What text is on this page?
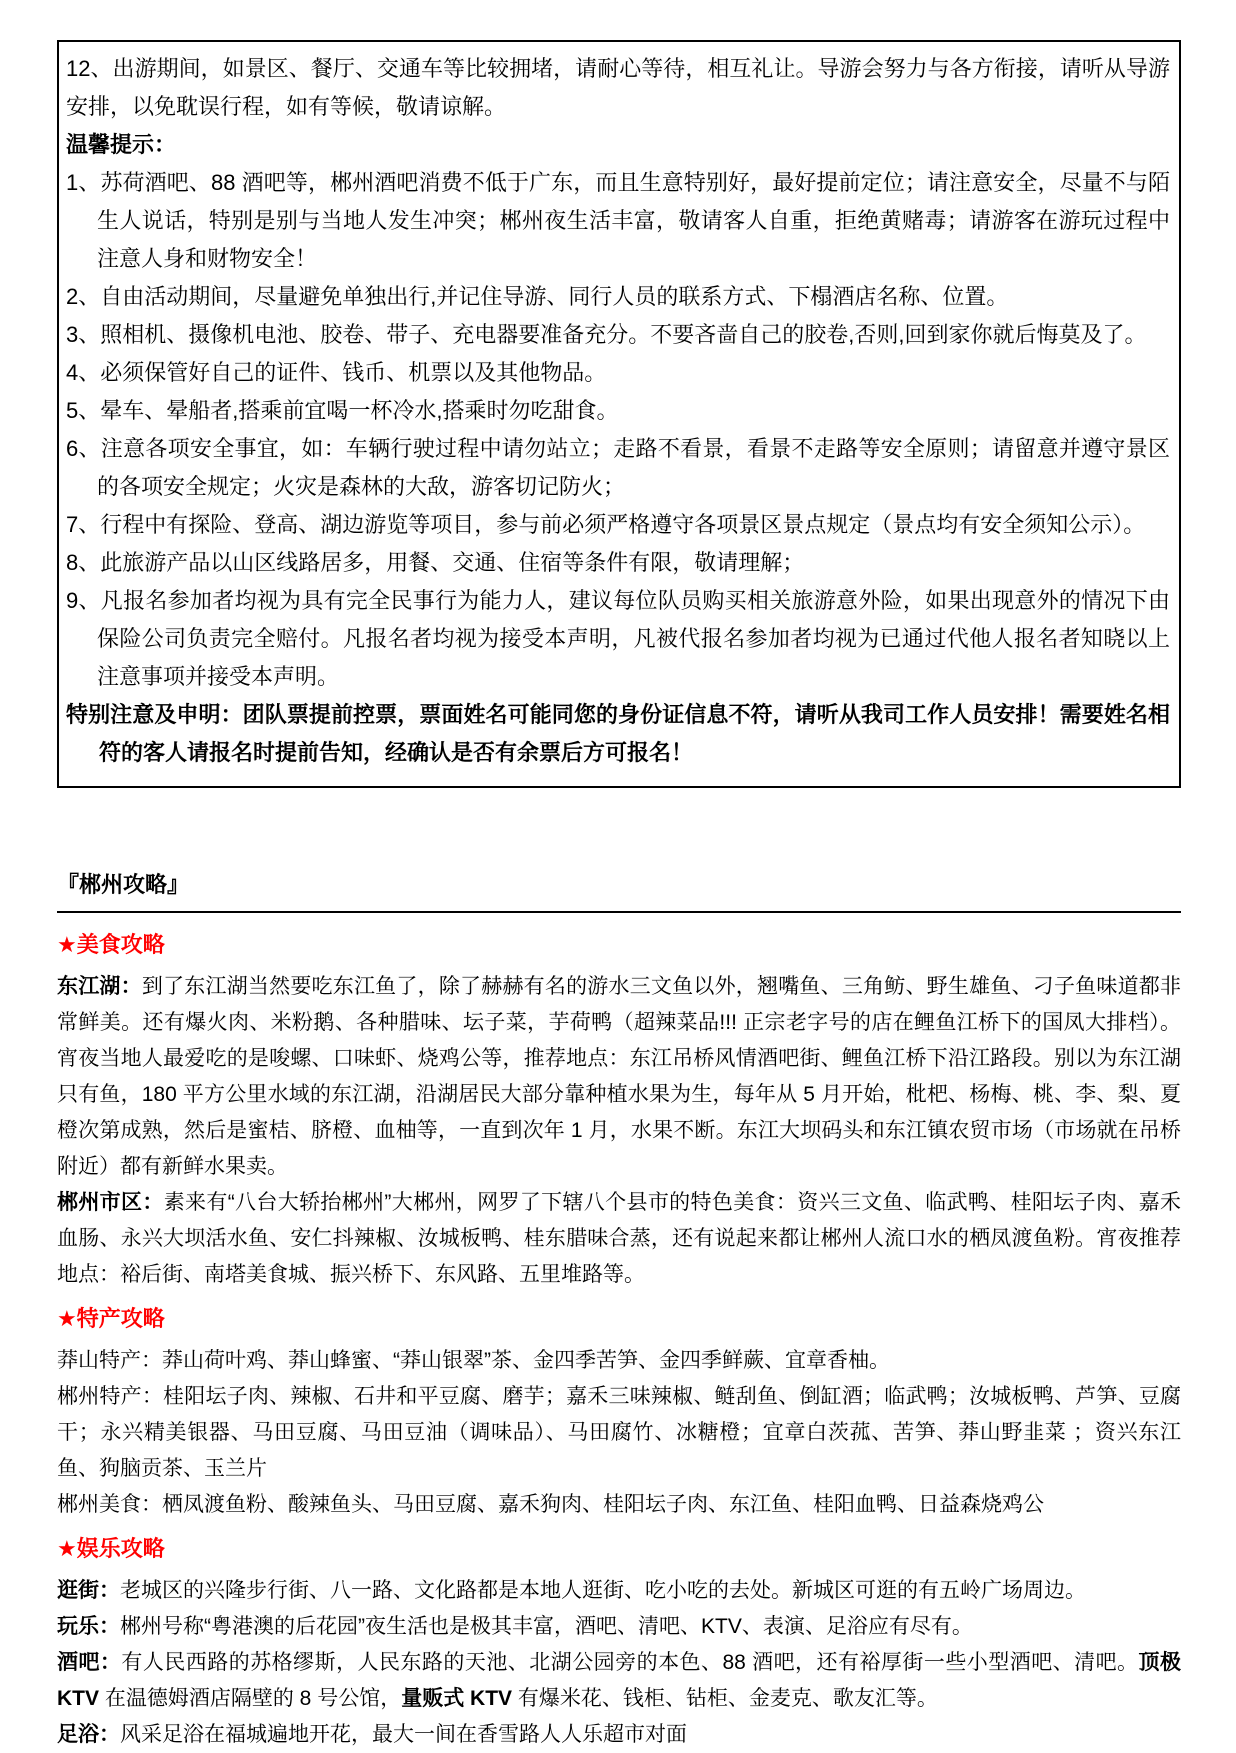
12、出游期间，如景区、餐厅、交通车等比较拥堵，请耐心等待，相互礼让。导游会努力与各方衔接，请听从导游安排，以免耽误行程，如有等候，敬请谅解。

温馨提示：

1、苏荷酒吧、88 酒吧等，郴州酒吧消费不低于广东，而且生意特别好，最好提前定位；请注意安全，尽量不与陌生人说话，特别是别与当地人发生冲突；郴州夜生活丰富，敬请客人自重，拒绝黄赌毒；请游客在游玩过程中注意人身和财物安全！

2、自由活动期间，尽量避免单独出行,并记住导游、同行人员的联系方式、下榻酒店名称、位置。

3、照相机、摄像机电池、胶卷、带子、充电器要准备充分。不要吝啬自己的胶卷,否则,回到家你就后悔莫及了。

4、必须保管好自己的证件、钱币、机票以及其他物品。

5、晕车、晕船者,搭乘前宜喝一杯冷水,搭乘时勿吃甜食。

6、注意各项安全事宜，如：车辆行驶过程中请勿站立；走路不看景，看景不走路等安全原则；请留意并遵守景区的各项安全规定；火灾是森林的大敌，游客切记防火；

7、行程中有探险、登高、湖边游览等项目，参与前必须严格遵守各项景区景点规定（景点均有安全须知公示）。

8、此旅游产品以山区线路居多，用餐、交通、住宿等条件有限，敬请理解；

9、凡报名参加者均视为具有完全民事行为能力人，建议每位队员购买相关旅游意外险，如果出现意外的情况下由保险公司负责完全赔付。凡报名者均视为接受本声明，凡被代报名参加者均视为已通过代他人报名者知晓以上注意事项并接受本声明。

特别注意及申明：团队票提前控票，票面姓名可能同您的身份证信息不符，请听从我司工作人员安排！需要姓名相符的客人请报名时提前告知，经确认是否有余票后方可报名！

『郴州攻略』

★美食攻略

东江湖：到了东江湖当然要吃东江鱼了，除了赫赫有名的游水三文鱼以外，翘嘴鱼、三角鲂、野生雄鱼、刁子鱼味道都非常鲜美。还有爆火肉、米粉鹅、各种腊味、坛子菜，芋荷鸭（超辣菜品!!! 正宗老字号的店在鲤鱼江桥下的国凤大排档）。宵夜当地人最爱吃的是唆螺、口味虾、烧鸡公等，推荐地点：东江吊桥风情酒吧街、鲤鱼江桥下沿江路段。别以为东江湖只有鱼，180 平方公里水域的东江湖，沿湖居民大部分靠种植水果为生，每年从 5 月开始，枇杷、杨梅、桃、李、梨、夏橙次第成熟，然后是蜜桔、脐橙、血柚等，一直到次年 1 月，水果不断。东江大坝码头和东江镇农贸市场（市场就在吊桥附近）都有新鲜水果卖。

郴州市区：素来有“八台大轿抬郴州”大郴州，网罗了下辖八个县市的特色美食：资兴三文鱼、临武鸭、桂阳坛子肉、嘉禾血肠、永兴大坝活水鱼、安仁抖辣椒、汝城板鸭、桂东腊味合蒸，还有说起来都让郴州人流口水的栖凤渡鱼粉。宵夜推荐地点：裕后街、南塔美食城、振兴桥下、东风路、五里堆路等。

★特产攻略

莽山特产：莽山荷叶鸡、莽山蜂蜜、“莽山银翠”茶、金四季苦笋、金四季鲜蕨、宜章香柚。

郴州特产：桂阳坛子肉、辣椒、石井和平豆腐、磨芋；嘉禾三味辣椒、鲢刮鱼、倒缸酒；临武鸭；汝城板鸭、芦笋、豆腐干；永兴精美银器、马田豆腐、马田豆油（调味品）、马田腐竹、冰糖橙；宜章白茨菰、苦笋、莽山野韭菜 ；资兴东江鱼、狗脑贡茶、玉兰片

郴州美食：栖凤渡鱼粉、酸辣鱼头、马田豆腐、嘉禾狗肉、桂阳坛子肉、东江鱼、桂阳血鸭、日益森烧鸡公

★娱乐攻略

逛街：老城区的兴隆步行街、八一路、文化路都是本地人逛街、吃小吃的去处。新城区可逛的有五岭广场周边。

玩乐：郴州号称“粤港澳的后花园”夜生活也是极其丰富，酒吧、清吧、KTV、表演、足浴应有尽有。

酒吧：有人民西路的苏格缪斯，人民东路的天池、北湖公园旁的本色、88 酒吧，还有裕厚街一些小型酒吧、清吧。顶极 KTV 在温德姆酒店隔壁的 8 号公馆，量贩式 KTV 有爆米花、钱柜、钻柜、金麦克、歌友汇等。

足浴：风采足浴在福城遍地开花，最大一间在香雪路人人乐超市对面
